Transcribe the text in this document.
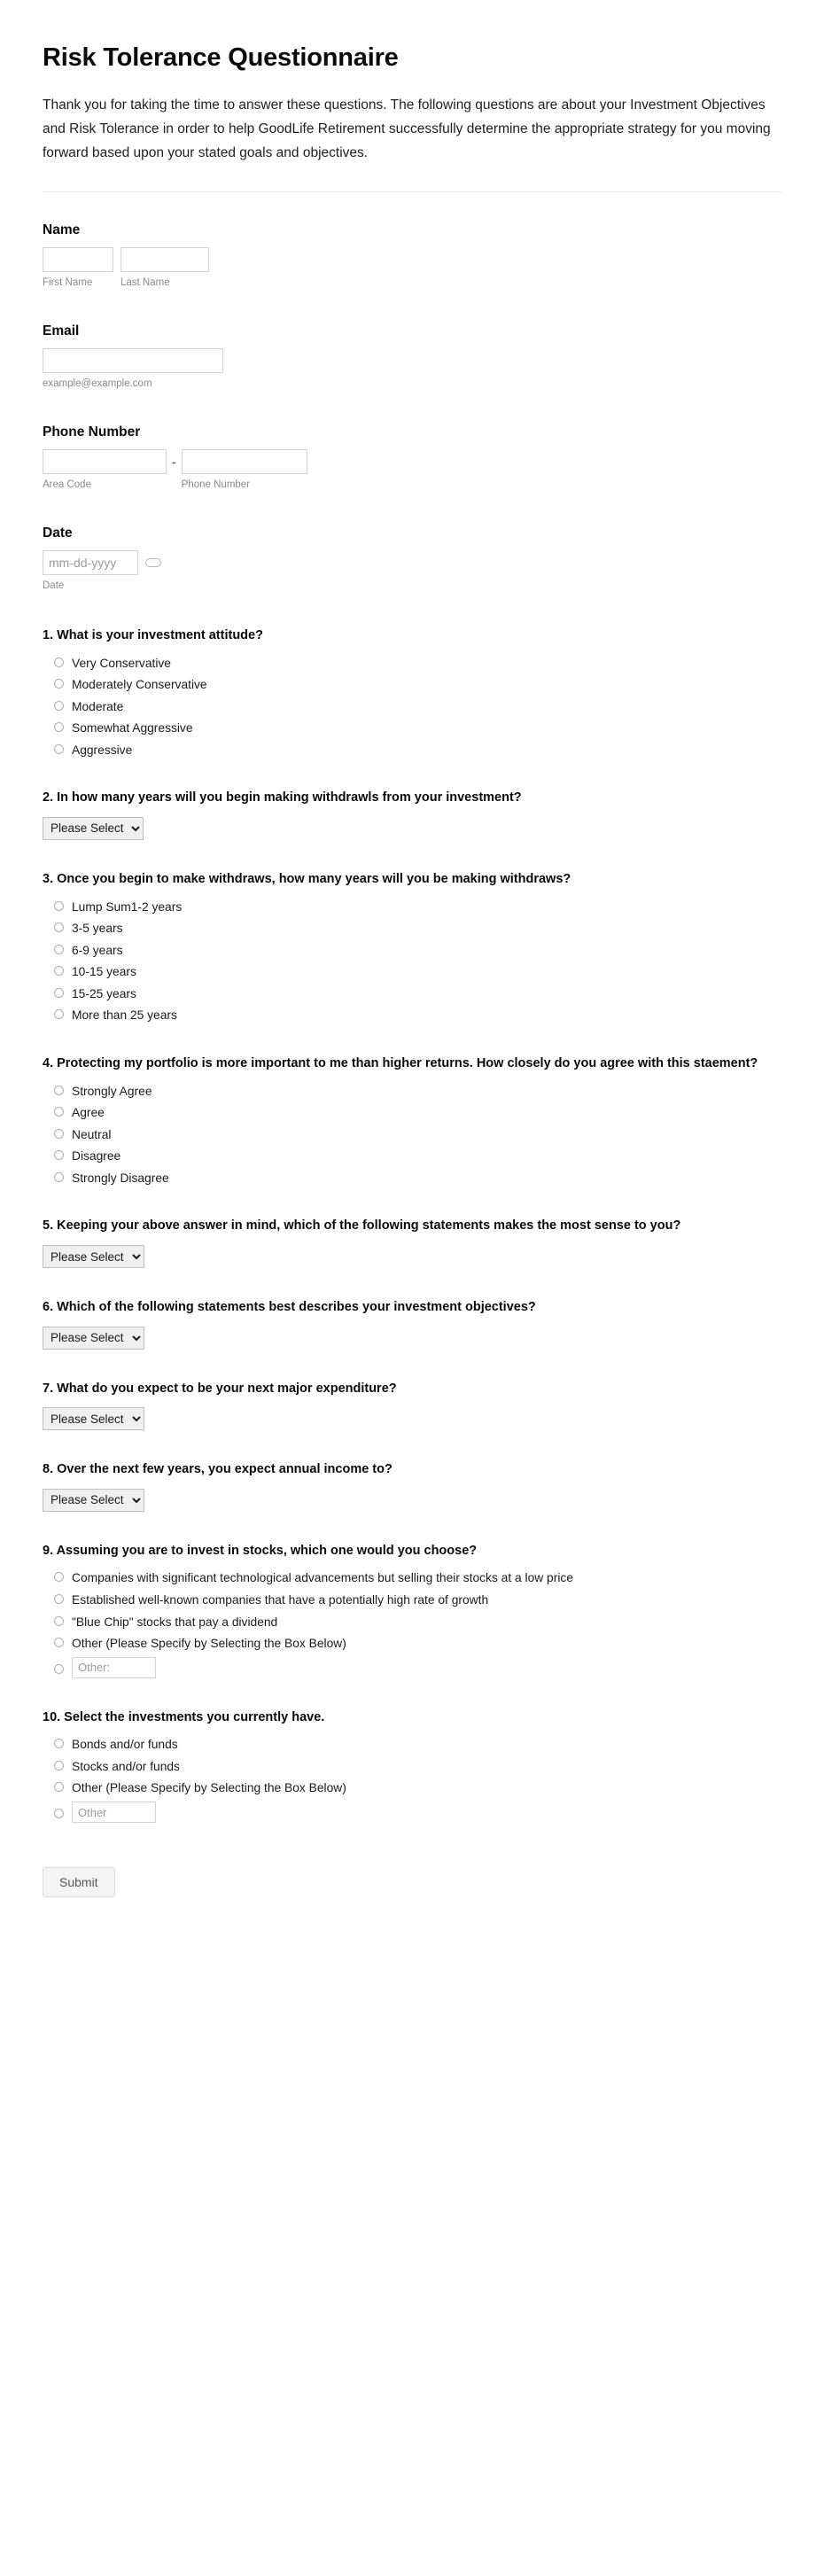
Risk Tolerance Questionnaire

Thank you for taking the time to answer these questions. The following questions are about your Investment Objectives and Risk Tolerance in order to help GoodLife Retirement successfully determine the appropriate strategy for you moving forward based upon your stated goals and objectives.

Name
First Name	Last Name
Email
example@example.com
Phone Number
Area Code
-
Phone Number
Date
mm-dd-yyyy
Date
1. What is your investment attitude?
Very Conservative
Moderately Conservative
Moderate
Somewhat Aggressive
Aggressive
2. In how many years will you begin making withdrawls from your investment?
Please Select
3. Once you begin to make withdraws, how many years will you be making withdraws?
Lump Sum1-2 years
3-5 years
6-9 years
10-15 years
15-25 years
More than 25 years
4. Protecting my portfolio is more important to me than higher returns. How closely do you agree with this staement?
Strongly Agree
Agree
Neutral
Disagree
Strongly Disagree
5. Keeping your above answer in mind, which of the following statements makes the most sense to you?
Please Select
6. Which of the following statements best describes your investment objectives?
Please Select
7. What do you expect to be your next major expenditure?
Please Select
8. Over the next few years, you expect annual income to?
Please Select
9. Assuming you are to invest in stocks, which one would you choose?
Companies with significant technological advancements but selling their stocks at a low price
Established well-known companies that have a potentially high rate of growth
"Blue Chip" stocks that pay a dividend
Other (Please Specify by Selecting the Box Below)
Other:
10. Select the investments you currently have.
Bonds and/or funds
Stocks and/or funds
Other (Please Specify by Selecting the Box Below)
Other
Submit
